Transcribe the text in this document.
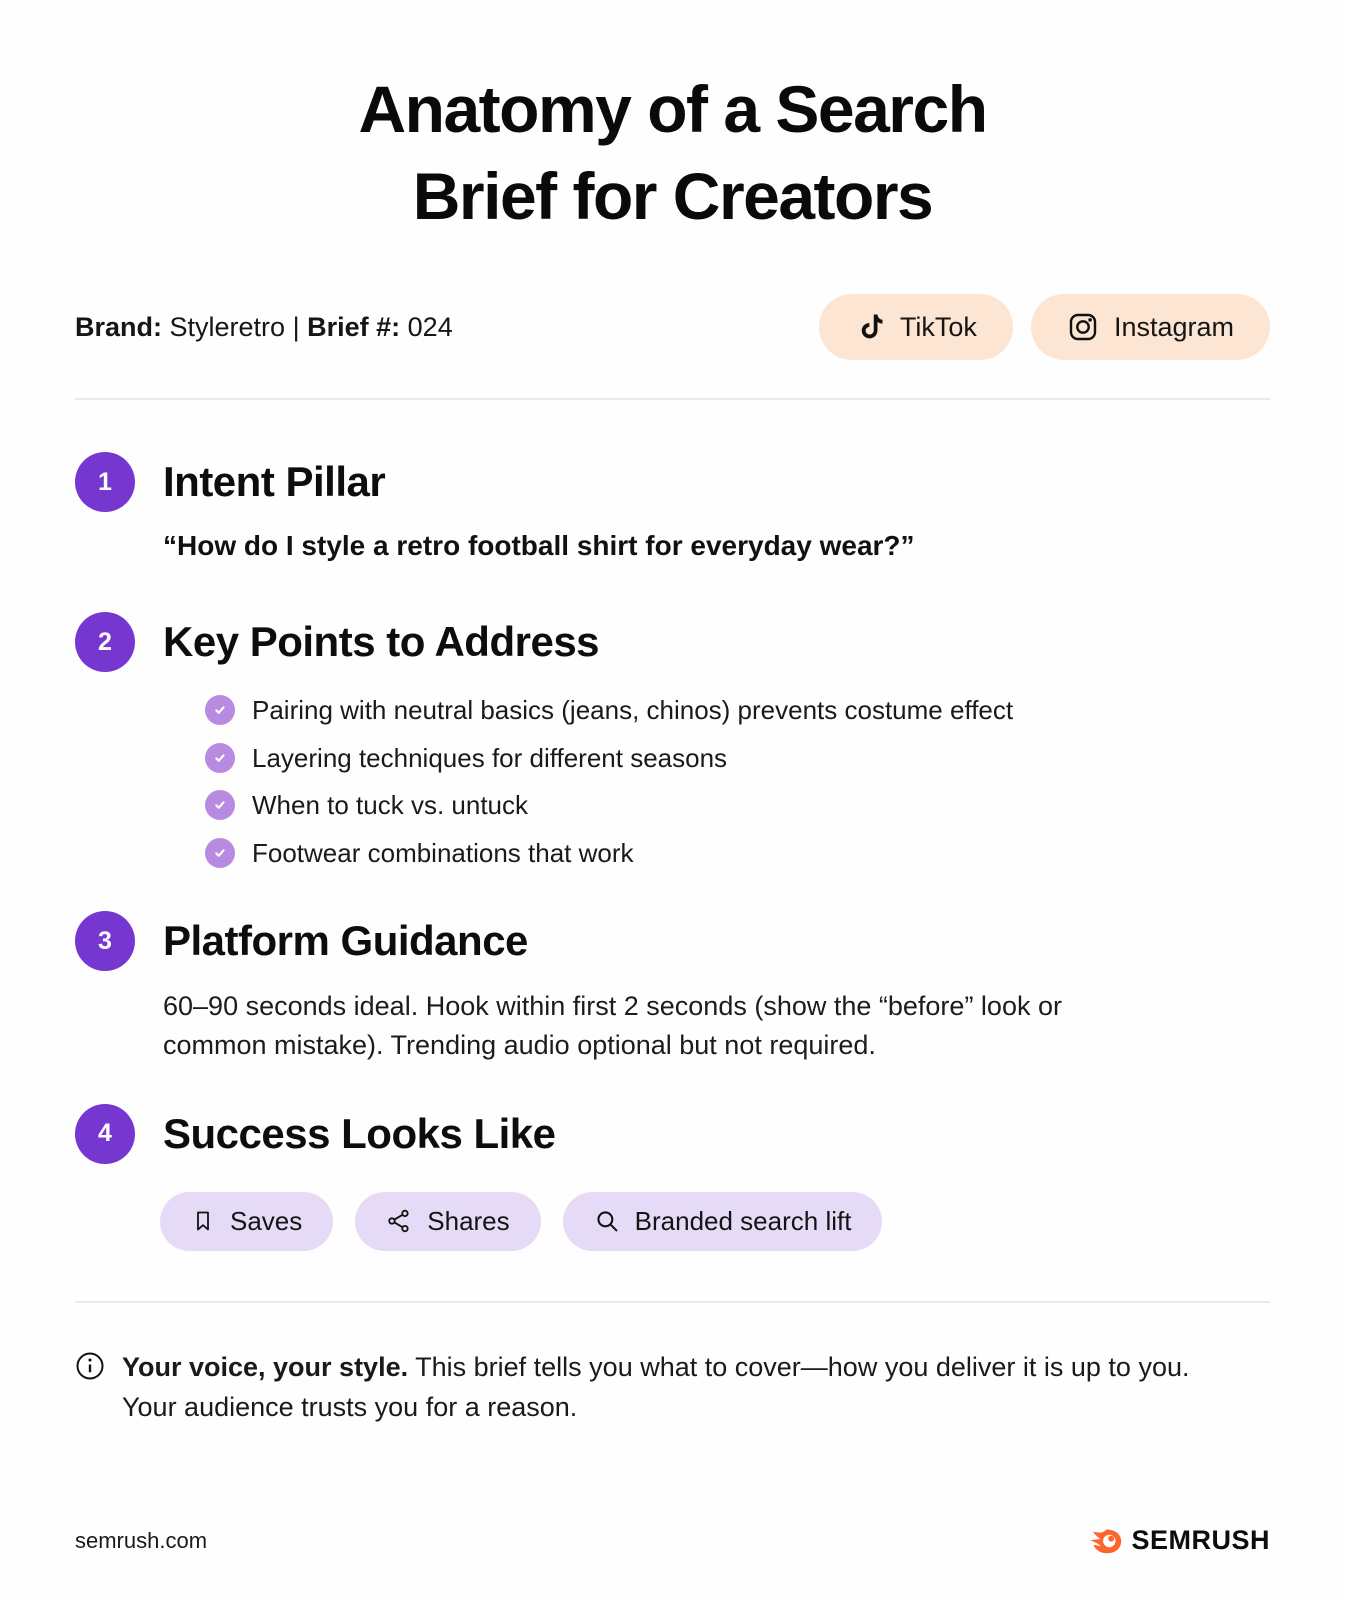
Anatomy of a Search
Brief for Creators
Brand: Styleretro | Brief #: 024	TikTok	Instagram
1	Intent Pillar
“How do I style a retro football shirt for everyday wear?”
2	Key Points to Address
Pairing with neutral basics (jeans, chinos) prevents costume effect
Layering techniques for different seasons
When to tuck vs. untuck
Footwear combinations that work
3	Platform Guidance
60–90 seconds ideal. Hook within first 2 seconds (show the “before” look or common mistake). Trending audio optional but not required.
4	Success Looks Like
Saves	Shares	Branded search lift
Your voice, your style. This brief tells you what to cover—how you deliver it is up to you. Your audience trusts you for a reason.
semrush.com	SEMRUSH
